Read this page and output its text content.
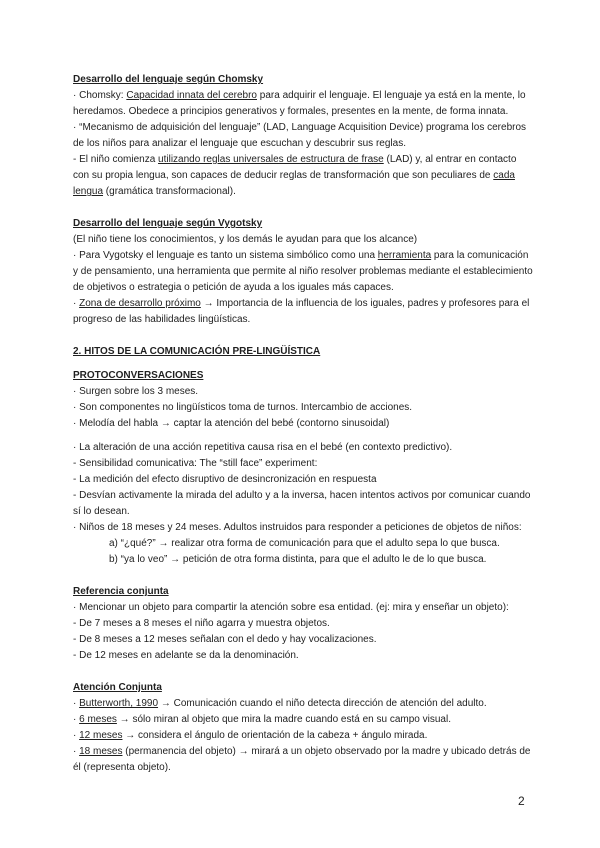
Desarrollo del lenguaje según Chomsky

· Chomsky: Capacidad innata del cerebro para adquirir el lenguaje. El lenguaje ya está en la mente, lo heredamos. Obedece a principios generativos y formales, presentes en la mente, de forma innata.

· “Mecanismo de adquisición del lenguaje” (LAD, Language Acquisition Device) programa los cerebros de los niños para analizar el lenguaje que escuchan y descubrir sus reglas.

- El niño comienza utilizando reglas universales de estructura de frase (LAD) y, al entrar en contacto con su propia lengua, son capaces de deducir reglas de transformación que son peculiares de cada lengua (gramática transformacional).

Desarrollo del lenguaje según Vygotsky

(El niño tiene los conocimientos, y los demás le ayudan para que los alcance)

· Para Vygotsky el lenguaje es tanto un sistema simbólico como una herramienta para la comunicación y de pensamiento, una herramienta que permite al niño resolver problemas mediante el establecimiento de objetivos o estrategia o petición de ayuda a los iguales más capaces.

· Zona de desarrollo próximo → Importancia de la influencia de los iguales, padres y profesores para el progreso de las habilidades lingüísticas.

2. HITOS DE LA COMUNICACIÓN PRE-LINGÜÍSTICA

PROTOCONVERSACIONES

· Surgen sobre los 3 meses.

· Son componentes no lingüísticos toma de turnos. Intercambio de acciones.

· Melodía del habla → captar la atención del bebé (contorno sinusoidal)

· La alteración de una acción repetitiva causa risa en el bebé (en contexto predictivo).

- Sensibilidad comunicativa: The “still face” experiment:

- La medición del efecto disruptivo de desincronización en respuesta

- Desvían activamente la mirada del adulto y a la inversa, hacen intentos activos por comunicar cuando sí lo desean.

· Niños de 18 meses y 24 meses. Adultos instruidos para responder a peticiones de objetos de niños:

a) “¿qué?” → realizar otra forma de comunicación para que el adulto sepa lo que busca.

b) “ya lo veo” → petición de otra forma distinta, para que el adulto le de lo que busca.

Referencia conjunta

· Mencionar un objeto para compartir la atención sobre esa entidad. (ej: mira y enseñar un objeto):

- De 7 meses a 8 meses el niño agarra y muestra objetos.

- De 8 meses a 12 meses señalan con el dedo y hay vocalizaciones.

- De 12 meses en adelante se da la denominación.

Atención Conjunta

· Butterworth, 1990 → Comunicación cuando el niño detecta dirección de atención del adulto.

· 6 meses → sólo miran al objeto que mira la madre cuando está en su campo visual.

· 12 meses → considera el ángulo de orientación de la cabeza + ángulo mirada.

· 18 meses (permanencia del objeto) → mirará a un objeto observado por la madre y ubicado detrás de él (representa objeto).

2
